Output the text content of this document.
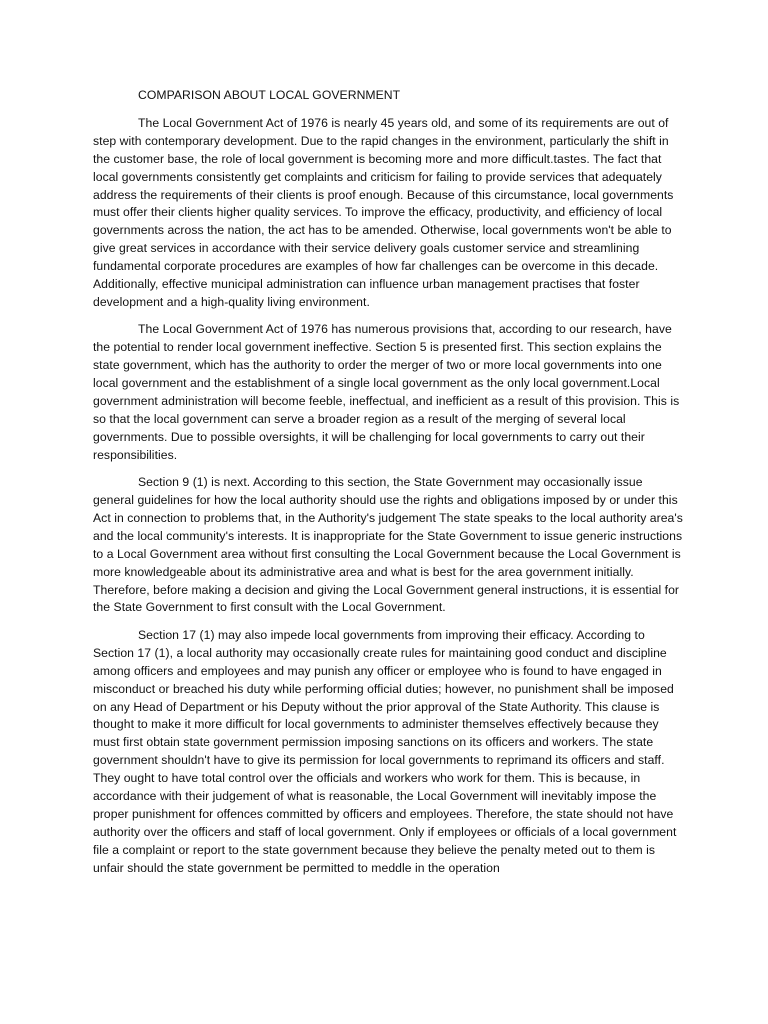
COMPARISON ABOUT LOCAL GOVERNMENT

The Local Government Act of 1976 is nearly 45 years old, and some of its requirements are out of step with contemporary development. Due to the rapid changes in the environment, particularly the shift in the customer base, the role of local government is becoming more and more difficult.tastes. The fact that local governments consistently get complaints and criticism for failing to provide services that adequately address the requirements of their clients is proof enough. Because of this circumstance, local governments must offer their clients higher quality services. To improve the efficacy, productivity, and efficiency of local governments across the nation, the act has to be amended. Otherwise, local governments won't be able to give great services in accordance with their service delivery goals customer service and streamlining fundamental corporate procedures are examples of how far challenges can be overcome in this decade. Additionally, effective municipal administration can influence urban management practises that foster development and a high-quality living environment.

The Local Government Act of 1976 has numerous provisions that, according to our research, have the potential to render local government ineffective. Section 5 is presented first. This section explains the state government, which has the authority to order the merger of two or more local governments into one local government and the establishment of a single local government as the only local government.Local government administration will become feeble, ineffectual, and inefficient as a result of this provision. This is so that the local government can serve a broader region as a result of the merging of several local governments. Due to possible oversights, it will be challenging for local governments to carry out their responsibilities.

Section 9 (1) is next. According to this section, the State Government may occasionally issue general guidelines for how the local authority should use the rights and obligations imposed by or under this Act in connection to problems that, in the Authority's judgement The state speaks to the local authority area's and the local community's interests. It is inappropriate for the State Government to issue generic instructions to a Local Government area without first consulting the Local Government because the Local Government is more knowledgeable about its administrative area and what is best for the area government initially. Therefore, before making a decision and giving the Local Government general instructions, it is essential for the State Government to first consult with the Local Government.

Section 17 (1) may also impede local governments from improving their efficacy. According to Section 17 (1), a local authority may occasionally create rules for maintaining good conduct and discipline among officers and employees and may punish any officer or employee who is found to have engaged in misconduct or breached his duty while performing official duties; however, no punishment shall be imposed on any Head of Department or his Deputy without the prior approval of the State Authority. This clause is thought to make it more difficult for local governments to administer themselves effectively because they must first obtain state government permission imposing sanctions on its officers and workers. The state government shouldn't have to give its permission for local governments to reprimand its officers and staff. They ought to have total control over the officials and workers who work for them. This is because, in accordance with their judgement of what is reasonable, the Local Government will inevitably impose the proper punishment for offences committed by officers and employees. Therefore, the state should not have authority over the officers and staff of local government. Only if employees or officials of a local government file a complaint or report to the state government because they believe the penalty meted out to them is unfair should the state government be permitted to meddle in the operation
